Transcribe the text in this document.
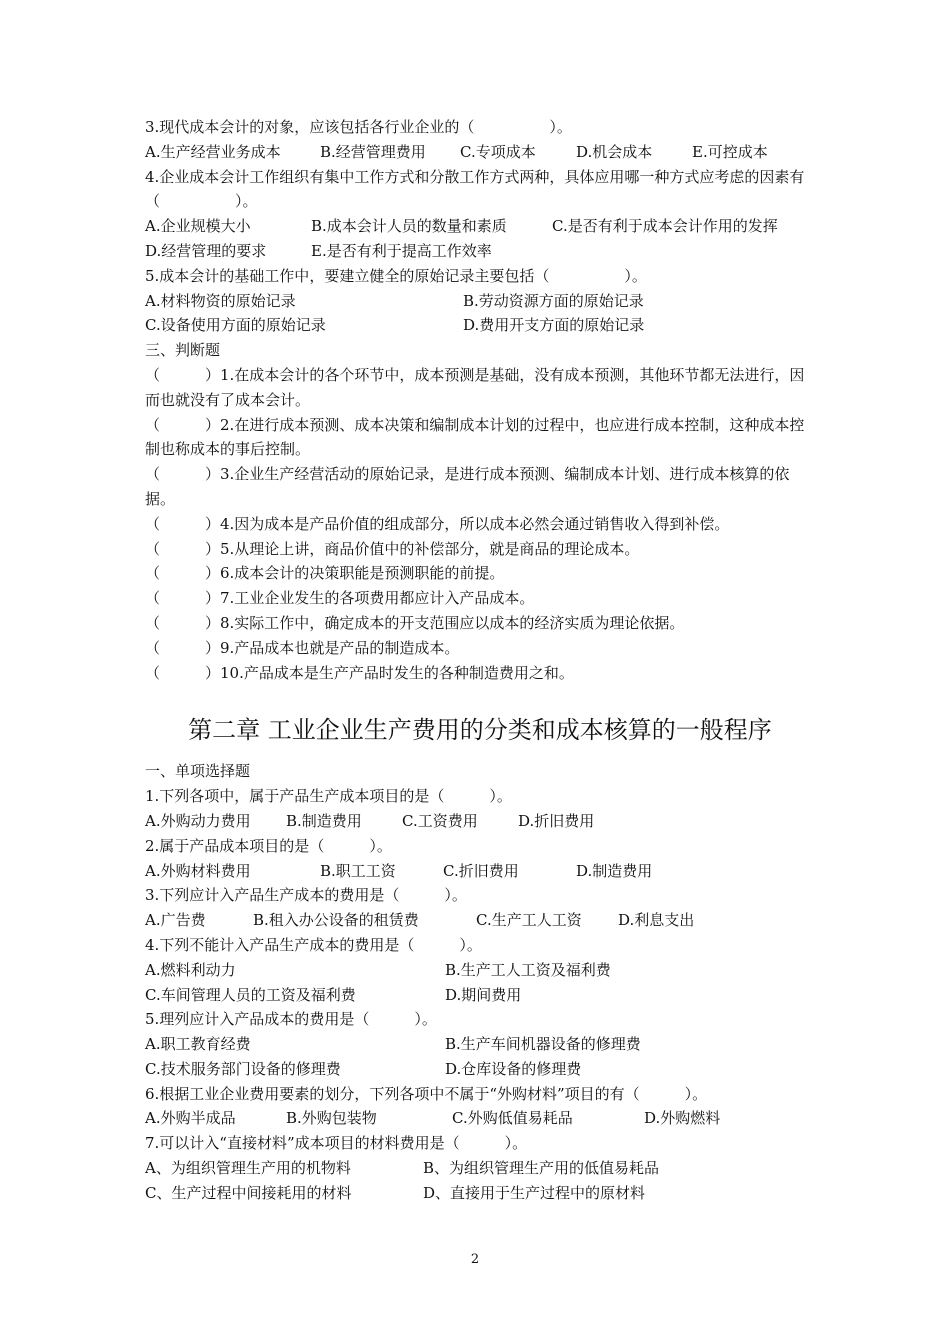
3.现代成本会计的对象，应该包括各行业企业的（　　　　　）。
A.生产经营业务成本	B.经营管理费用	C.专项成本	D.机会成本	E.可控成本
4.企业成本会计工作组织有集中工作方式和分散工作方式两种，具体应用哪一种方式应考虑的因素有（　　　　　）。
A.企业规模大小	B.成本会计人员的数量和素质	C.是否有利于成本会计作用的发挥
D.经营管理的要求	E.是否有利于提高工作效率
5.成本会计的基础工作中，要建立健全的原始记录主要包括（　　　　　）。
A.材料物资的原始记录	B.劳动资源方面的原始记录
C.设备使用方面的原始记录	D.费用开支方面的原始记录
三、判断题
（　　　）1.在成本会计的各个环节中，成本预测是基础，没有成本预测，其他环节都无法进行，因而也就没有了成本会计。
（　　　）2.在进行成本预测、成本决策和编制成本计划的过程中，也应进行成本控制，这种成本控制也称成本的事后控制。
（　　　）3.企业生产经营活动的原始记录，是进行成本预测、编制成本计划、进行成本核算的依据。
（　　　）4.因为成本是产品价值的组成部分，所以成本必然会通过销售收入得到补偿。
（　　　）5.从理论上讲，商品价值中的补偿部分，就是商品的理论成本。
（　　　）6.成本会计的决策职能是预测职能的前提。
（　　　）7.工业企业发生的各项费用都应计入产品成本。
（　　　）8.实际工作中，确定成本的开支范围应以成本的经济实质为理论依据。
（　　　）9.产品成本也就是产品的制造成本。
（　　　）10.产品成本是生产产品时发生的各种制造费用之和。
第二章 工业企业生产费用的分类和成本核算的一般程序
一、单项选择题
1.下列各项中，属于产品生产成本项目的是（　　　）。
A.外购动力费用	B.制造费用	C.工资费用	D.折旧费用
2.属于产品成本项目的是（　　　）。
A.外购材料费用	B.职工工资	C.折旧费用	D.制造费用
3.下列应计入产品生产成本的费用是（　　　）。
A.广告费	B.租入办公设备的租赁费	C.生产工人工资	D.利息支出
4.下列不能计入产品生产成本的费用是（　　　）。
A.燃料利动力	B.生产工人工资及福利费
C.车间管理人员的工资及福利费	D.期间费用
5.理列应计入产品成本的费用是（　　　）。
A.职工教育经费	B.生产车间机器设备的修理费
C.技术服务部门设备的修理费	D.仓库设备的修理费
6.根据工业企业费用要素的划分，下列各项中不属于“外购材料”项目的有（　　　）。
A.外购半成品	B.外购包装物	C.外购低值易耗品	D.外购燃料
7.可以计入“直接材料”成本项目的材料费用是（　　　）。
A、为组织管理生产用的机物料	B、为组织管理生产用的低值易耗品
C、生产过程中间接耗用的材料	D、直接用于生产过程中的原材料
2
